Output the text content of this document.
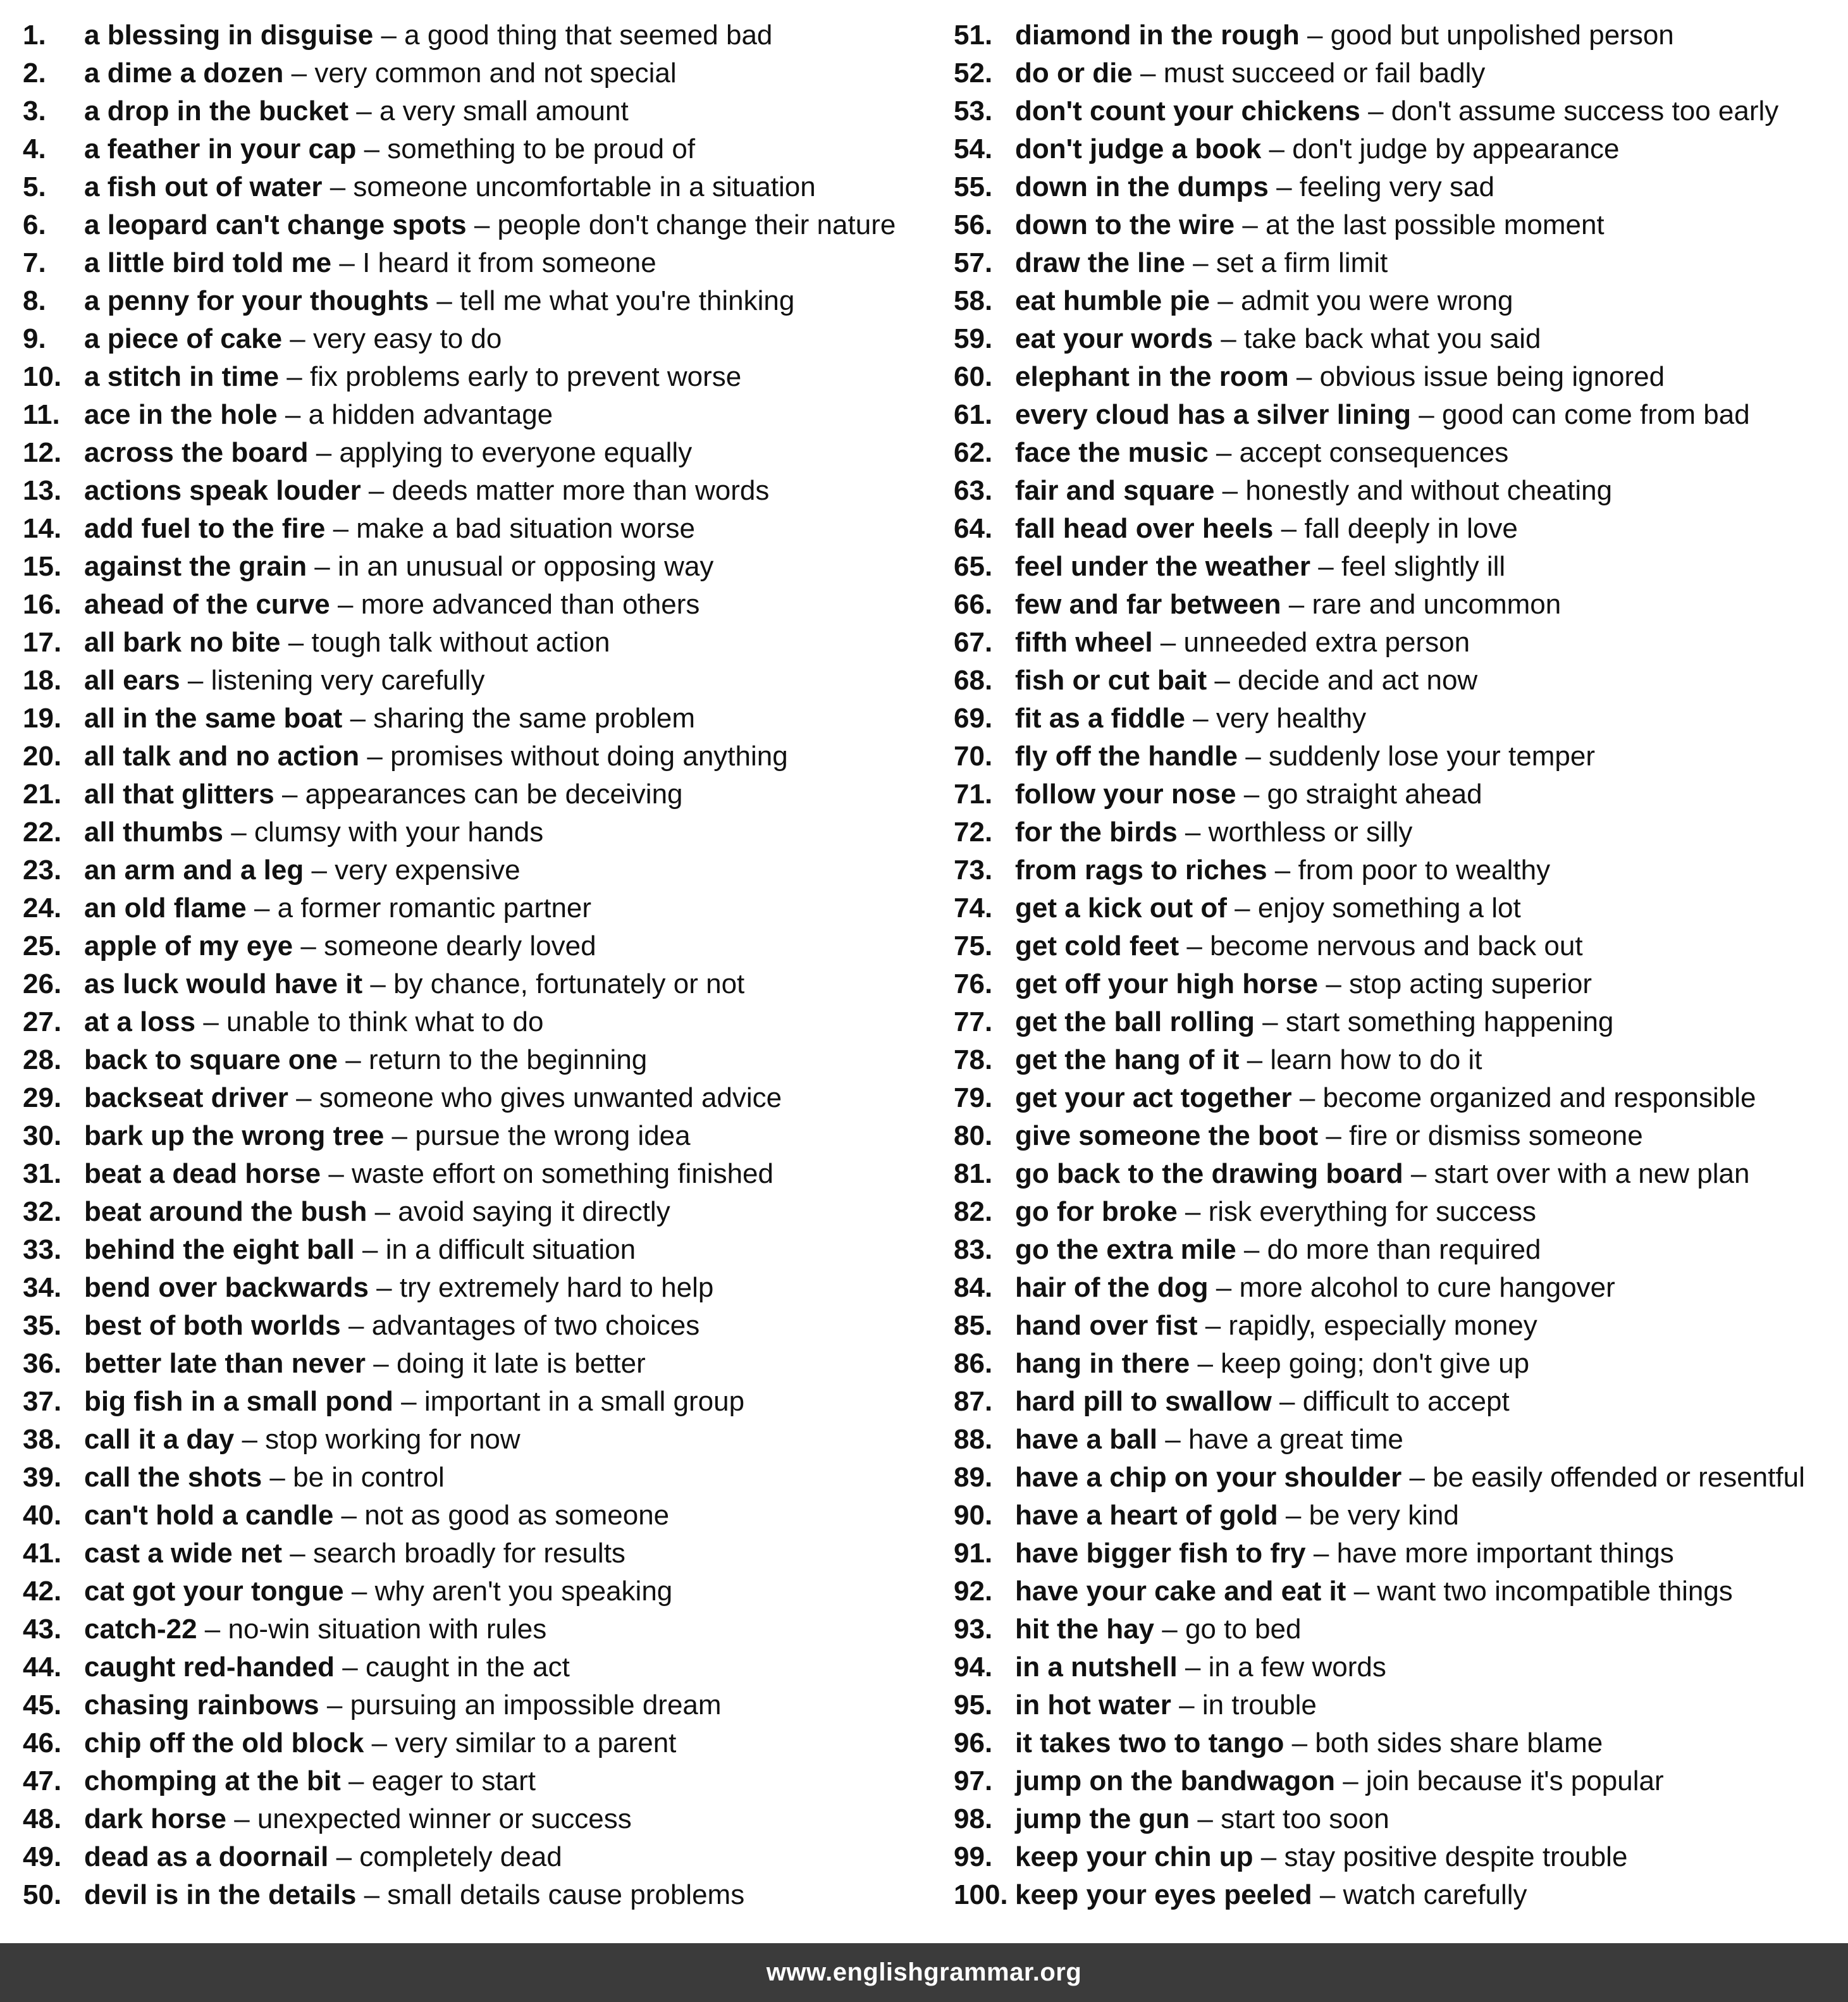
1.	a blessing in disguise – a good thing that seemed bad
2.	a dime a dozen – very common and not special
3.	a drop in the bucket – a very small amount
4.	a feather in your cap – something to be proud of
5.	a fish out of water – someone uncomfortable in a situation
6.	a leopard can't change spots – people don't change their nature
7.	a little bird told me – I heard it from someone
8.	a penny for your thoughts – tell me what you're thinking
9.	a piece of cake – very easy to do
10. a stitch in time – fix problems early to prevent worse
11. ace in the hole – a hidden advantage
12. across the board – applying to everyone equally
13. actions speak louder – deeds matter more than words
14. add fuel to the fire – make a bad situation worse
15. against the grain – in an unusual or opposing way
16. ahead of the curve – more advanced than others
17. all bark no bite – tough talk without action
18. all ears – listening very carefully
19. all in the same boat – sharing the same problem
20. all talk and no action – promises without doing anything
21. all that glitters – appearances can be deceiving
22. all thumbs – clumsy with your hands
23. an arm and a leg – very expensive
24. an old flame – a former romantic partner
25. apple of my eye – someone dearly loved
26. as luck would have it – by chance, fortunately or not
27. at a loss – unable to think what to do
28. back to square one – return to the beginning
29. backseat driver – someone who gives unwanted advice
30. bark up the wrong tree – pursue the wrong idea
31. beat a dead horse – waste effort on something finished
32. beat around the bush – avoid saying it directly
33. behind the eight ball – in a difficult situation
34. bend over backwards – try extremely hard to help
35. best of both worlds – advantages of two choices
36. better late than never – doing it late is better
37. big fish in a small pond – important in a small group
38. call it a day – stop working for now
39. call the shots – be in control
40. can't hold a candle – not as good as someone
41. cast a wide net – search broadly for results
42. cat got your tongue – why aren't you speaking
43. catch-22 – no-win situation with rules
44. caught red-handed – caught in the act
45. chasing rainbows – pursuing an impossible dream
46. chip off the old block – very similar to a parent
47. chomping at the bit – eager to start
48. dark horse – unexpected winner or success
49. dead as a doornail – completely dead
50. devil is in the details – small details cause problems
51. diamond in the rough – good but unpolished person
52. do or die – must succeed or fail badly
53. don't count your chickens – don't assume success too early
54. don't judge a book – don't judge by appearance
55. down in the dumps – feeling very sad
56. down to the wire – at the last possible moment
57. draw the line – set a firm limit
58. eat humble pie – admit you were wrong
59. eat your words – take back what you said
60. elephant in the room – obvious issue being ignored
61. every cloud has a silver lining – good can come from bad
62. face the music – accept consequences
63. fair and square – honestly and without cheating
64. fall head over heels – fall deeply in love
65. feel under the weather – feel slightly ill
66. few and far between – rare and uncommon
67. fifth wheel – unneeded extra person
68. fish or cut bait – decide and act now
69. fit as a fiddle – very healthy
70. fly off the handle – suddenly lose your temper
71. follow your nose – go straight ahead
72. for the birds – worthless or silly
73. from rags to riches – from poor to wealthy
74. get a kick out of – enjoy something a lot
75. get cold feet – become nervous and back out
76. get off your high horse – stop acting superior
77. get the ball rolling – start something happening
78. get the hang of it – learn how to do it
79. get your act together – become organized and responsible
80. give someone the boot – fire or dismiss someone
81. go back to the drawing board – start over with a new plan
82. go for broke – risk everything for success
83. go the extra mile – do more than required
84. hair of the dog – more alcohol to cure hangover
85. hand over fist – rapidly, especially money
86. hang in there – keep going; don't give up
87. hard pill to swallow – difficult to accept
88. have a ball – have a great time
89. have a chip on your shoulder – be easily offended or resentful
90. have a heart of gold – be very kind
91. have bigger fish to fry – have more important things
92. have your cake and eat it – want two incompatible things
93. hit the hay – go to bed
94. in a nutshell – in a few words
95. in hot water – in trouble
96. it takes two to tango – both sides share blame
97. jump on the bandwagon – join because it's popular
98. jump the gun – start too soon
99. keep your chin up – stay positive despite trouble
100. keep your eyes peeled – watch carefully
www.englishgrammar.org
